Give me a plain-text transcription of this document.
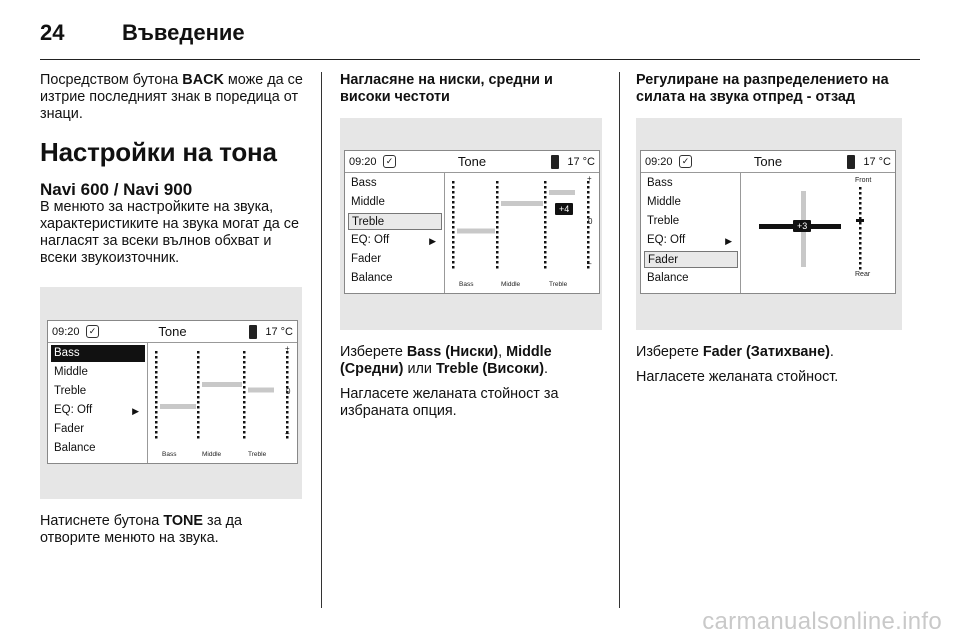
24	Въведение

Посредством бутона BACK може да се изтрие последният знак в поредица от знаци.

Настройки на тона
Navi 600 / Navi 900

В менюто за настройките на звука, характеристиките на звука могат да се нагласят за всеки вълнов обхват и всеки звукоизточник.

09:20	✓	Tone	17 °C
Bass
Middle
Treble
EQ: Off	▶
Fader
Balance
Bass	Middle	Treble
+
0
–

Натиснете бутона TONE за да отворите менюто на звука.

Нагласяне на ниски, средни и високи честоти
09:20	✓	Tone	17 °C
Bass
Middle
Treble
EQ: Off	▶
Fader
Balance
Bass	Middle	Treble
+
0
–
+4

Изберете Bass (Ниски), Middle (Средни) или Treble (Високи).

Нагласете желаната стойност за избраната опция.

Регулиране на разпределението на силата на звука отпред - отзад
09:20	✓	Tone	17 °C
Bass
Middle
Treble
EQ: Off	▶
Fader
Balance
Front
Rear
+3

Изберете Fader (Затихване).

Нагласете желаната стойност.

carmanualsonline.info
